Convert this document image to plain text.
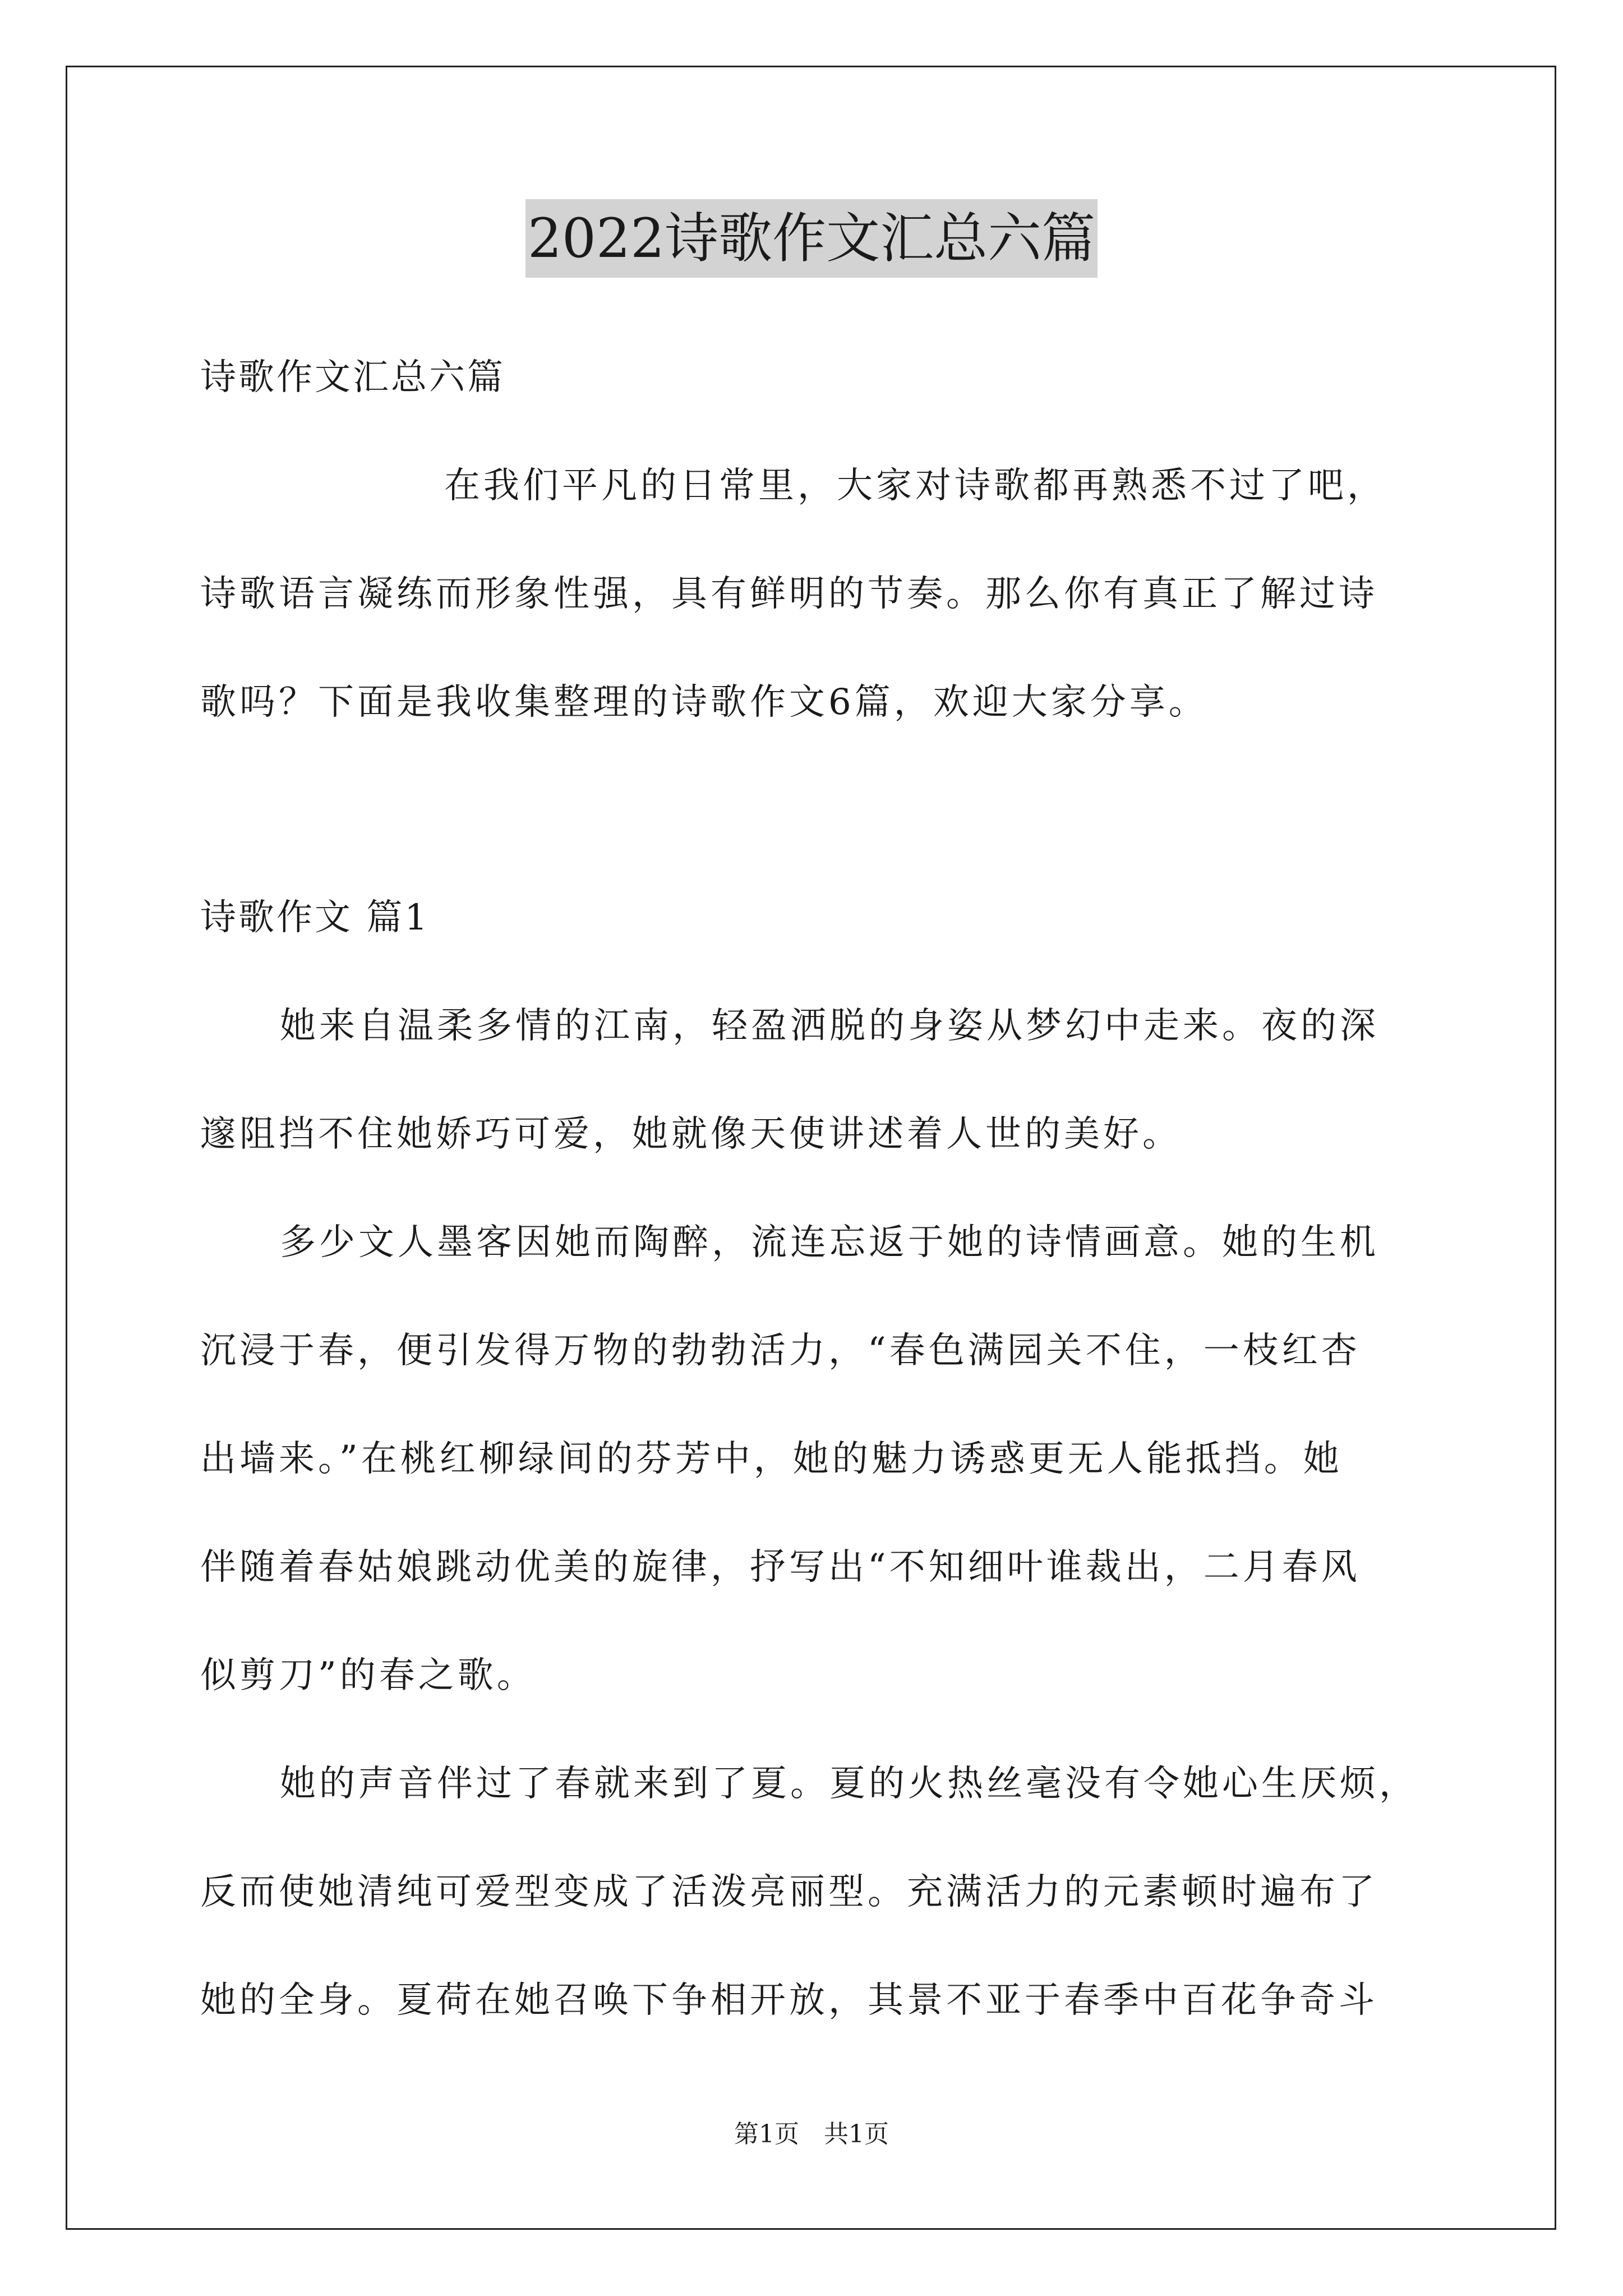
2022诗歌作文汇总六篇
诗歌作文汇总六篇
在我们平凡的日常里，大家对诗歌都再熟悉不过了吧，
诗歌语言凝练而形象性强，具有鲜明的节奏。那么你有真正了解过诗
歌吗？下面是我收集整理的诗歌作文6篇，欢迎大家分享。
诗歌作文 篇1
她来自温柔多情的江南，轻盈洒脱的身姿从梦幻中走来。夜的深
邃阻挡不住她娇巧可爱，她就像天使讲述着人世的美好。
多少文人墨客因她而陶醉，流连忘返于她的诗情画意。她的生机
沉浸于春，便引发得万物的勃勃活力，“春色满园关不住，一枝红杏
出墙来。”在桃红柳绿间的芬芳中，她的魅力诱惑更无人能抵挡。她
伴随着春姑娘跳动优美的旋律，抒写出“不知细叶谁裁出，二月春风
似剪刀”的春之歌。
她的声音伴过了春就来到了夏。夏的火热丝毫没有令她心生厌烦，
反而使她清纯可爱型变成了活泼亮丽型。充满活力的元素顿时遍布了
她的全身。夏荷在她召唤下争相开放，其景不亚于春季中百花争奇斗
第1页　共1页
